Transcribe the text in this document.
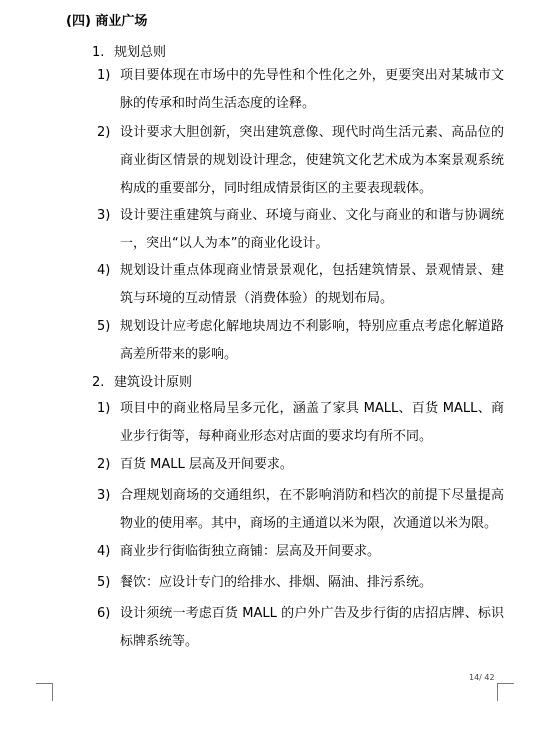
(四) 商业广场
1. 规划总则
1) 项目要体现在市场中的先导性和个性化之外，更要突出对某城市文脉的传承和时尚生活态度的诠释。
2) 设计要求大胆创新，突出建筑意像、现代时尚生活元素、高品位的商业街区情景的规划设计理念，使建筑文化艺术成为本案景观系统构成的重要部分，同时组成情景街区的主要表现载体。
3) 设计要注重建筑与商业、环境与商业、文化与商业的和谐与协调统一，突出“以人为本”的商业化设计。
4) 规划设计重点体现商业情景景观化，包括建筑情景、景观情景、建筑与环境的互动情景（消费体验）的规划布局。
5) 规划设计应考虑化解地块周边不利影响，特别应重点考虑化解道路高差所带来的影响。
2. 建筑设计原则
1) 项目中的商业格局呈多元化，涵盖了家具 MALL、百货 MALL、商业步行街等，每种商业形态对店面的要求均有所不同。
2) 百货 MALL 层高及开间要求。
3) 合理规划商场的交通组织，在不影响消防和档次的前提下尽量提高物业的使用率。其中，商场的主通道以米为限，次通道以米为限。
4) 商业步行街临街独立商铺：层高及开间要求。
5) 餐饮：应设计专门的给排水、排烟、隔油、排污系统。
6) 设计须统一考虑百货 MALL 的户外广告及步行街的店招店牌、标识标牌系统等。
14/ 42
